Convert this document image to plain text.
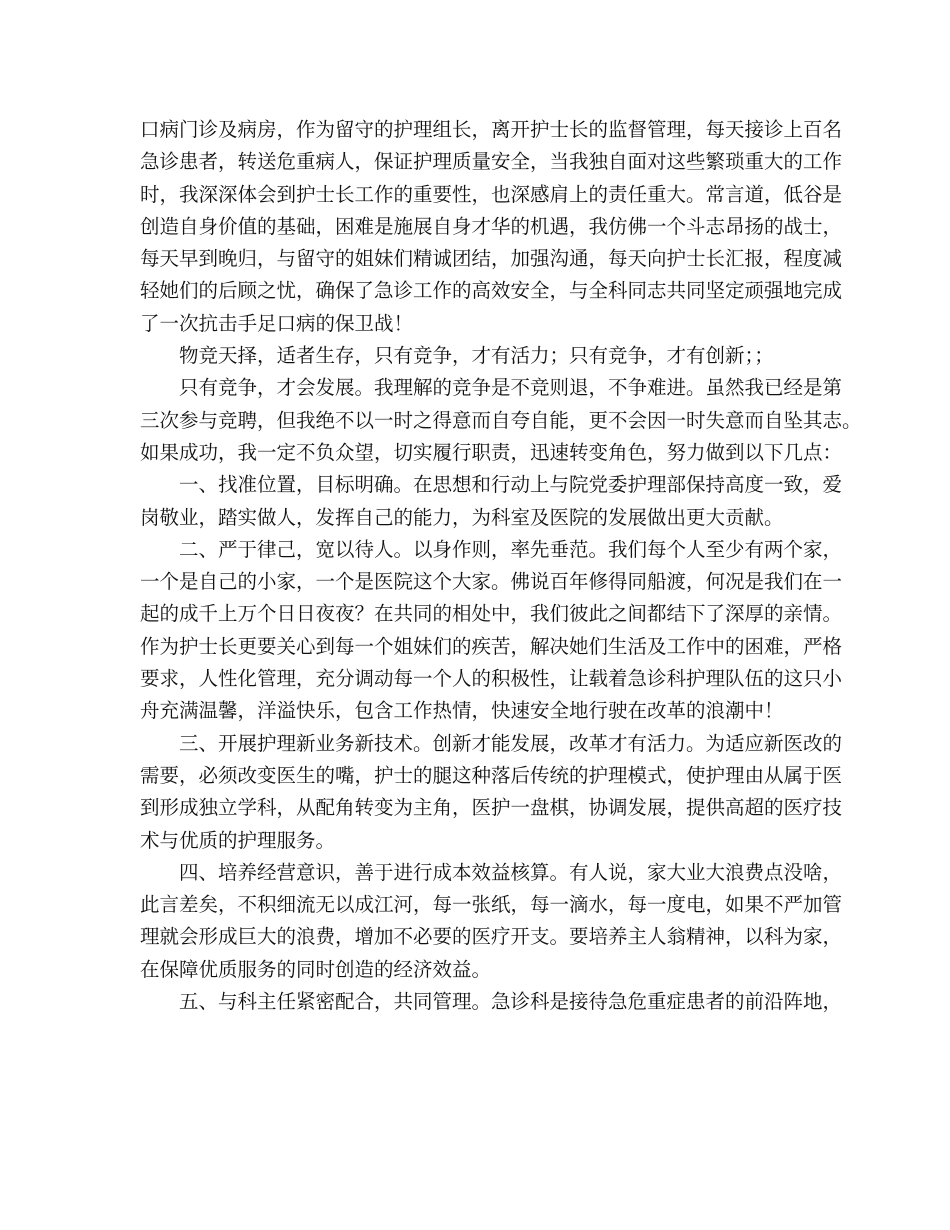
口病门诊及病房，作为留守的护理组长，离开护士长的监督管理，每天接诊上百名
急诊患者，转送危重病人，保证护理质量安全，当我独自面对这些繁琐重大的工作
时，我深深体会到护士长工作的重要性，也深感肩上的责任重大。常言道，低谷是
创造自身价值的基础，困难是施展自身才华的机遇，我仿佛一个斗志昂扬的战士，
每天早到晚归，与留守的姐妹们精诚团结，加强沟通，每天向护士长汇报，程度减
轻她们的后顾之忧，确保了急诊工作的高效安全，与全科同志共同坚定顽强地完成
了一次抗击手足口病的保卫战！
　　物竞天择，适者生存，只有竞争，才有活力；只有竞争，才有创新；；
　　只有竞争，才会发展。我理解的竞争是不竞则退，不争难进。虽然我已经是第
三次参与竞聘，但我绝不以一时之得意而自夸自能，更不会因一时失意而自坠其志。
如果成功，我一定不负众望，切实履行职责，迅速转变角色，努力做到以下几点：
　　一、找准位置，目标明确。在思想和行动上与院党委护理部保持高度一致，爱
岗敬业，踏实做人，发挥自己的能力，为科室及医院的发展做出更大贡献。
　　二、严于律己，宽以待人。以身作则，率先垂范。我们每个人至少有两个家，
一个是自己的小家，一个是医院这个大家。佛说百年修得同船渡，何况是我们在一
起的成千上万个日日夜夜？在共同的相处中，我们彼此之间都结下了深厚的亲情。
作为护士长更要关心到每一个姐妹们的疾苦，解决她们生活及工作中的困难，严格
要求，人性化管理，充分调动每一个人的积极性，让载着急诊科护理队伍的这只小
舟充满温馨，洋溢快乐，包含工作热情，快速安全地行驶在改革的浪潮中！
　　三、开展护理新业务新技术。创新才能发展，改革才有活力。为适应新医改的
需要，必须改变医生的嘴，护士的腿这种落后传统的护理模式，使护理由从属于医
到形成独立学科，从配角转变为主角，医护一盘棋，协调发展，提供高超的医疗技
术与优质的护理服务。
　　四、培养经营意识，善于进行成本效益核算。有人说，家大业大浪费点没啥，
此言差矣，不积细流无以成江河，每一张纸，每一滴水，每一度电，如果不严加管
理就会形成巨大的浪费，增加不必要的医疗开支。要培养主人翁精神，以科为家，
在保障优质服务的同时创造的经济效益。
　　五、与科主任紧密配合，共同管理。急诊科是接待急危重症患者的前沿阵地，
